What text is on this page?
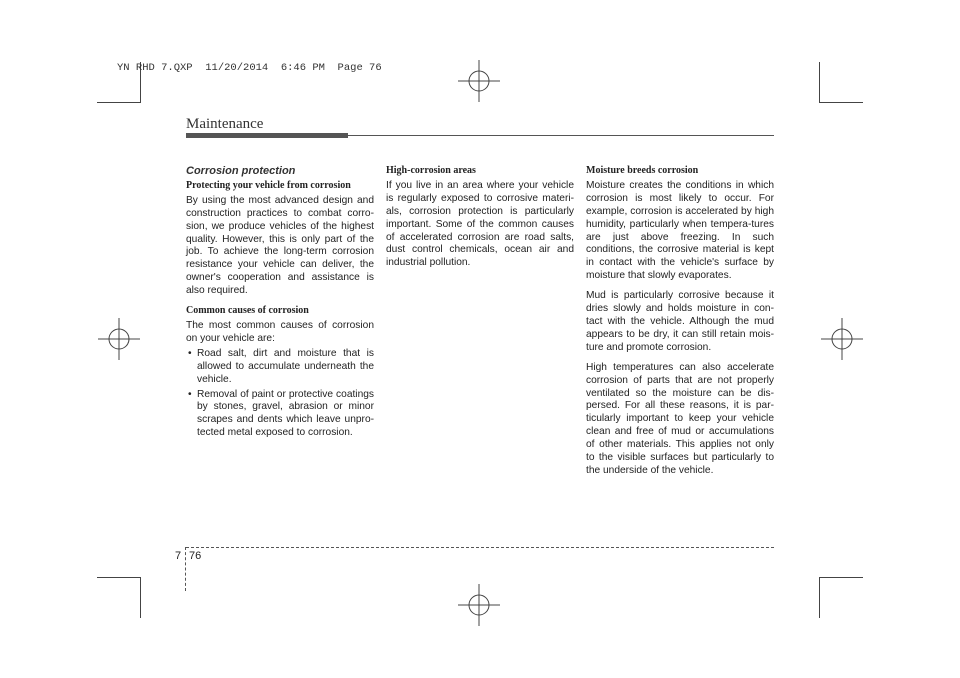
YN RHD 7.QXP  11/20/2014  6:46 PM  Page 76
Maintenance
Corrosion protection
Protecting your vehicle from corrosion

By using the most advanced design and construction practices to combat corro-sion, we produce vehicles of the highest quality. However, this is only part of the job. To achieve the long-term corrosion resistance your vehicle can deliver, the owner's cooperation and assistance is also required.

Common causes of corrosion

The most common causes of corrosion on your vehicle are:

• Road salt, dirt and moisture that is allowed to accumulate underneath the vehicle.
• Removal of paint or protective coatings by stones, gravel, abrasion or minor scrapes and dents which leave unpro-tected metal exposed to corrosion.
High-corrosion areas

If you live in an area where your vehicle is regularly exposed to corrosive materi-als, corrosion protection is particularly important. Some of the common causes of accelerated corrosion are road salts, dust control chemicals, ocean air and industrial pollution.

Moisture breeds corrosion

Moisture creates the conditions in which corrosion is most likely to occur. For example, corrosion is accelerated by high humidity, particularly when tempera-tures are just above freezing. In such conditions, the corrosive material is kept in contact with the vehicle's surface by moisture that slowly evaporates.

Mud is particularly corrosive because it dries slowly and holds moisture in con-tact with the vehicle. Although the mud appears to be dry, it can still retain mois-ture and promote corrosion.

High temperatures can also accelerate corrosion of parts that are not properly ventilated so the moisture can be dis-persed. For all these reasons, it is par-ticularly important to keep your vehicle clean and free of mud or accumulations of other materials. This applies not only to the visible surfaces but particularly to the underside of the vehicle.

7 76
